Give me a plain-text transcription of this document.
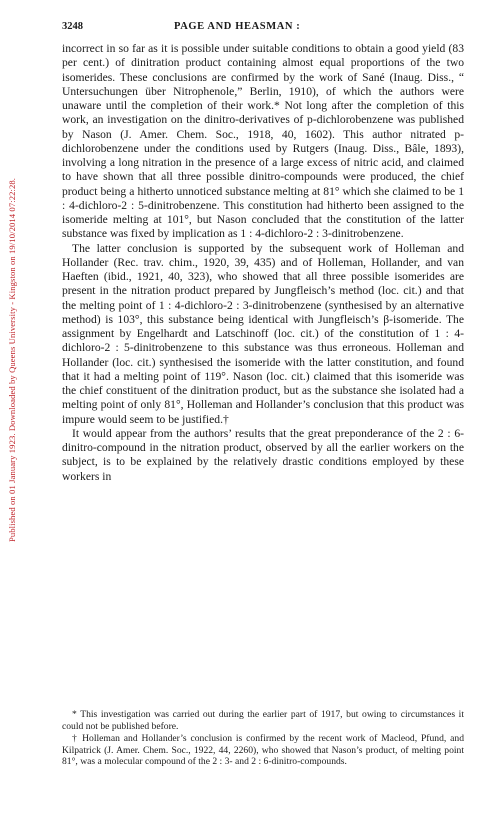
Published on 01 January 1923. Downloaded by Queens University - Kingston on 19/10/2014 07:22:28.
3248	PAGE AND HEASMAN :

incorrect in so far as it is possible under suitable conditions to obtain a good yield (83 per cent.) of dinitration product containing almost equal proportions of the two isomerides. These conclusions are confirmed by the work of Sané (Inaug. Diss., “ Untersuchungen über Nitrophenole,” Berlin, 1910), of which the authors were unaware until the completion of their work.* Not long after the completion of this work, an investigation on the dinitro-derivatives of p-dichlorobenzene was published by Nason (J. Amer. Chem. Soc., 1918, 40, 1602). This author nitrated p-dichlorobenzene under the conditions used by Rutgers (Inaug. Diss., Bâle, 1893), involving a long nitration in the presence of a large excess of nitric acid, and claimed to have shown that all three possible dinitro-compounds were produced, the chief product being a hitherto unnoticed substance melting at 81° which she claimed to be 1 : 4-dichloro-2 : 5-dinitrobenzene. This constitution had hitherto been assigned to the isomeride melting at 101°, but Nason concluded that the constitution of the latter substance was fixed by implication as 1 : 4-dichloro-2 : 3-dinitrobenzene.

The latter conclusion is supported by the subsequent work of Holleman and Hollander (Rec. trav. chim., 1920, 39, 435) and of Holleman, Hollander, and van Haeften (ibid., 1921, 40, 323), who showed that all three possible isomerides are present in the nitration product prepared by Jungfleisch’s method (loc. cit.) and that the melting point of 1 : 4-dichloro-2 : 3-dinitrobenzene (synthesised by an alternative method) is 103°, this substance being identical with Jungfleisch’s β-isomeride. The assignment by Engelhardt and Latschinoff (loc. cit.) of the constitution of 1 : 4-dichloro-2 : 5-dinitrobenzene to this substance was thus erroneous. Holleman and Hollander (loc. cit.) synthesised the isomeride with the latter constitution, and found that it had a melting point of 119°. Nason (loc. cit.) claimed that this isomeride was the chief constituent of the dinitration product, but as the substance she isolated had a melting point of only 81°, Holleman and Hollander’s conclusion that this product was impure would seem to be justified.†

It would appear from the authors’ results that the great preponderance of the 2 : 6-dinitro-compound in the nitration product, observed by all the earlier workers on the subject, is to be explained by the relatively drastic conditions employed by these workers in

* This investigation was carried out during the earlier part of 1917, but owing to circumstances it could not be published before.

† Holleman and Hollander’s conclusion is confirmed by the recent work of Macleod, Pfund, and Kilpatrick (J. Amer. Chem. Soc., 1922, 44, 2260), who showed that Nason’s product, of melting point 81°, was a molecular compound of the 2 : 3- and 2 : 6-dinitro-compounds.
